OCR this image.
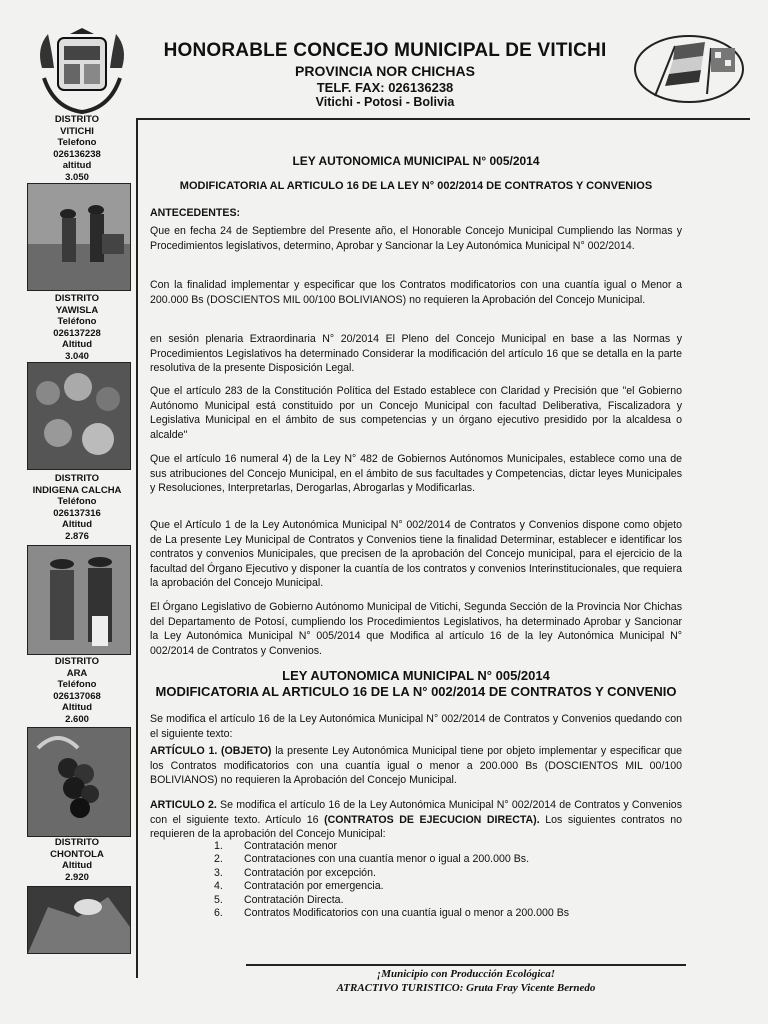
HONORABLE CONCEJO MUNICIPAL DE VITICHI
PROVINCIA NOR CHICHAS
TELF. FAX: 026136238
Vitichi - Potosi - Bolivia
DISTRITO
VITICHI
Telefono
026136238
altitud
3.050
DISTRITO
YAWISLA
Teléfono
026137228
Altitud
3.040
DISTRITO
INDIGENA CALCHA
Teléfono
026137316
Altitud
2.876
DISTRITO
ARA
Teléfono
026137068
Altitud
2.600
DISTRITO
CHONTOLA
Altitud
2.920
LEY AUTONOMICA MUNICIPAL N° 005/2014
MODIFICATORIA AL ARTICULO 16 DE LA LEY N° 002/2014 DE CONTRATOS Y CONVENIOS
ANTECEDENTES:

Que en fecha 24 de Septiembre del Presente año, el Honorable Concejo Municipal Cumpliendo las Normas y Procedimientos legislativos, determino, Aprobar y Sancionar la Ley Autonómica Municipal N° 002/2014.

Con la finalidad implementar y especificar que los Contratos modificatorios con una cuantía igual o Menor a 200.000 Bs (DOSCIENTOS MIL 00/100 BOLIVIANOS) no requieren la Aprobación del Concejo Municipal.

en sesión plenaria Extraordinaria N° 20/2014 El Pleno del Concejo Municipal en base a las Normas y Procedimientos Legislativos ha determinado Considerar la modificación del artículo 16 que se detalla en la parte resolutiva de la presente Disposición Legal.

Que el artículo 283 de la Constitución Política del Estado establece con Claridad y Precisión que "el Gobierno Autónomo Municipal está constituido por un Concejo Municipal con facultad Deliberativa, Fiscalizadora y Legislativa Municipal en el ámbito de sus competencias y un órgano ejecutivo presidido por la alcaldesa o alcalde"

Que el artículo 16 numeral 4) de la Ley N° 482 de Gobiernos Autónomos Municipales, establece como una de sus atribuciones del Concejo Municipal, en el ámbito de sus facultades y Competencias, dictar leyes Municipales y Resoluciones, Interpretarlas, Derogarlas, Abrogarlas y Modificarlas.

Que el Artículo 1 de la Ley Autonómica Municipal N° 002/2014 de Contratos y Convenios dispone como objeto de La presente Ley Municipal de Contratos y Convenios tiene la finalidad Determinar, establecer e identificar los contratos y convenios Municipales, que precisen de la aprobación del Concejo municipal, para el ejercicio de la facultad del Órgano Ejecutivo y disponer la cuantía de los contratos y convenios Interinstitucionales, que requiera la aprobación del Concejo Municipal.

El Órgano Legislativo de Gobierno Autónomo Municipal de Vitichi, Segunda Sección de la Provincia Nor Chichas del Departamento de Potosí, cumpliendo los Procedimientos Legislativos, ha determinado Aprobar y Sancionar la Ley Autonómica Municipal N° 005/2014 que Modifica al artículo 16 de la ley Autonómica Municipal N° 002/2014 de Contratos y Convenios.

LEY AUTONOMICA MUNICIPAL N° 005/2014
MODIFICATORIA AL ARTICULO 16 DE LA N° 002/2014 DE CONTRATOS Y CONVENIO

Se modifica el artículo 16 de la Ley Autonómica Municipal N° 002/2014 de Contratos y Convenios quedando con el siguiente texto:

ARTÍCULO 1. (OBJETO) la presente Ley Autonómica Municipal tiene por objeto implementar y especificar que los Contratos modificatorios con una cuantía igual o menor a 200.000 Bs (DOSCIENTOS MIL 00/100 BOLIVIANOS) no requieren la Aprobación del Concejo Municipal.

ARTICULO 2. Se modifica el artículo 16 de la Ley Autonómica Municipal N° 002/2014 de Contratos y Convenios con el siguiente texto. Artículo 16 (CONTRATOS DE EJECUCION DIRECTA). Los siguientes contratos no requieren de la aprobación del Concejo Municipal:

1.	Contratación menor
2.	Contrataciones con una cuantía menor o igual a 200.000 Bs.
3.	Contratación por excepción.
4.	Contratación por emergencia.
5.	Contratación Directa.
6.	Contratos Modificatorios con una cuantía igual o menor a 200.000 Bs
¡Municipio con Producción Ecológica!
ATRACTIVO TURISTICO: Gruta Fray Vicente Bernedo
